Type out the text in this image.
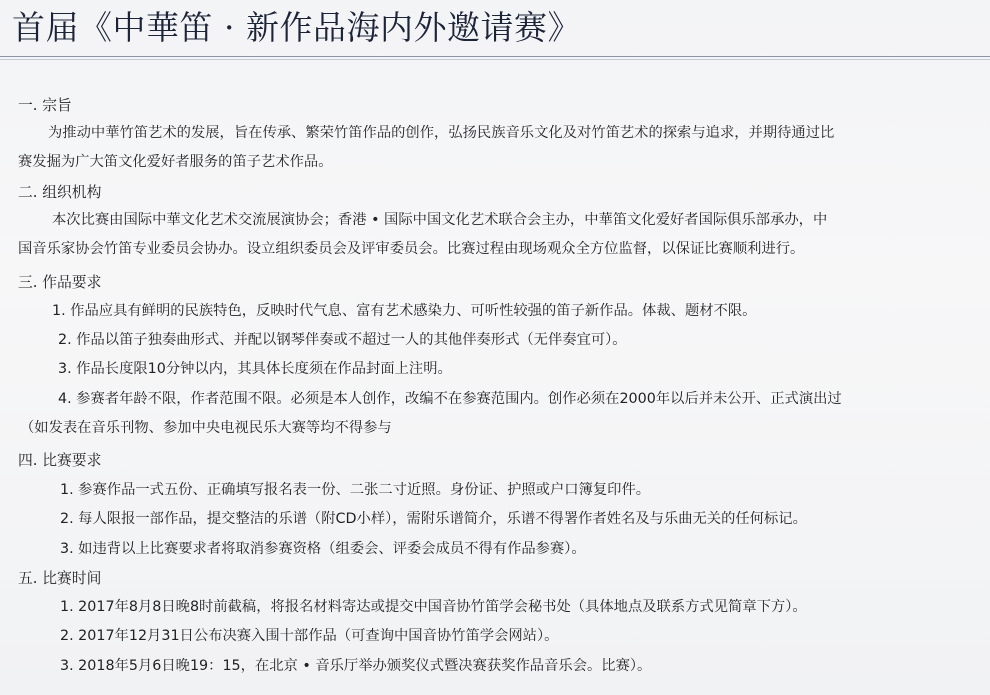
首届《中華笛 · 新作品海内外邀请赛》
一. 宗旨
为推动中華竹笛艺术的发展，旨在传承、繁荣竹笛作品的创作，弘扬民族音乐文化及对竹笛艺术的探索与追求，并期待通过比
赛发掘为广大笛文化爱好者服务的笛子艺术作品。
二. 组织机构
本次比赛由国际中華文化艺术交流展演协会；香港 • 国际中国文化艺术联合会主办，中華笛文化爱好者国际俱乐部承办，中
国音乐家协会竹笛专业委员会协办。设立组织委员会及评审委员会。比赛过程由现场观众全方位监督，以保证比赛顺利进行。
三. 作品要求
1. 作品应具有鲜明的民族特色，反映时代气息、富有艺术感染力、可听性较强的笛子新作品。体裁、题材不限。
2. 作品以笛子独奏曲形式、并配以钢琴伴奏或不超过一人的其他伴奏形式（无伴奏宜可）。
3. 作品长度限10分钟以内，其具体长度须在作品封面上注明。
4. 参赛者年龄不限，作者范围不限。必须是本人创作，改编不在参赛范围内。创作必须在2000年以后并未公开、正式演出过
（如发表在音乐刊物、参加中央电视民乐大赛等均不得参与
四. 比赛要求
1. 参赛作品一式五份、正确填写报名表一份、二张二寸近照。身份证、护照或户口簿复印件。
2. 每人限报一部作品，提交整洁的乐谱（附CD小样），需附乐谱简介，乐谱不得署作者姓名及与乐曲无关的任何标记。
3. 如违背以上比赛要求者将取消参赛资格（组委会、评委会成员不得有作品参赛）。
五. 比赛时间
1. 2017年8月8日晚8时前截稿，将报名材料寄达或提交中国音协竹笛学会秘书处（具体地点及联系方式见简章下方）。
2. 2017年12月31日公布决赛入围十部作品（可查询中国音协竹笛学会网站）。
3. 2018年5月6日晚19：15，在北京 • 音乐厅举办颁奖仪式暨决赛获奖作品音乐会。比赛）。
